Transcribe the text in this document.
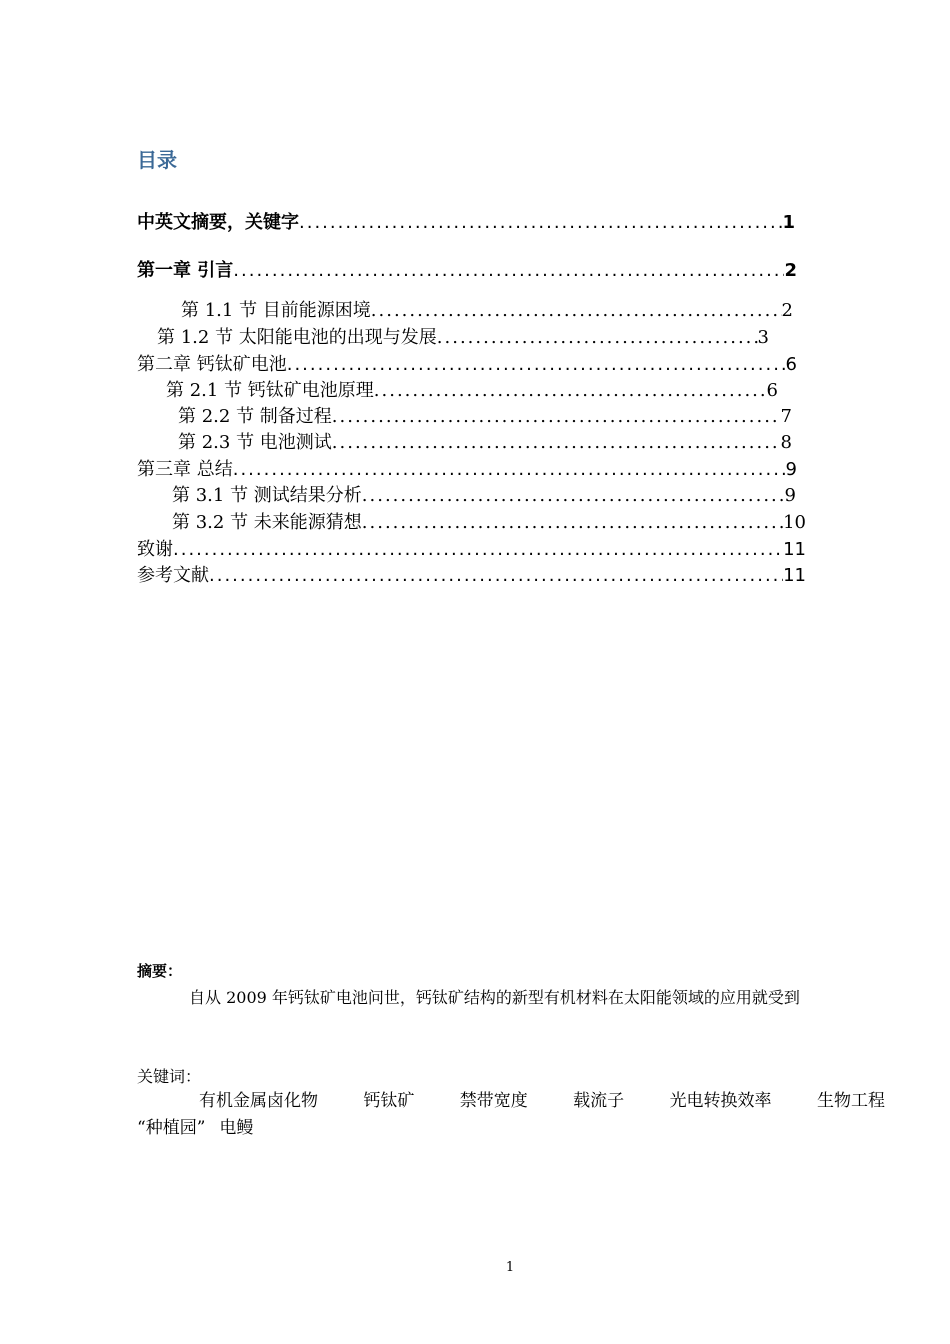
目录
中英文摘要，关键字 .....	1
第一章 引言 .....	2
第 1.1 节 目前能源困境 .....	2
第 1.2 节 太阳能电池的出现与发展 .....	3
第二章 钙钛矿电池 .....	6
第 2.1 节 钙钛矿电池原理 .....	6
第 2.2 节 制备过程 .....	7
第 2.3 节 电池测试 .....	8
第三章 总结 .....	9
第 3.1 节 测试结果分析 .....	9
第 3.2 节 未来能源猜想 .....	10
致谢 .....	11
参考文献 .....	11
摘要：
自从 2009 年钙钛矿电池问世，钙钛矿结构的新型有机材料在太阳能领域的应用就受到
关键词：
有机金属卤化物	钙钛矿	禁带宽度	载流子	光电转换效率	生物工程
“种植园” 电鳗
1
